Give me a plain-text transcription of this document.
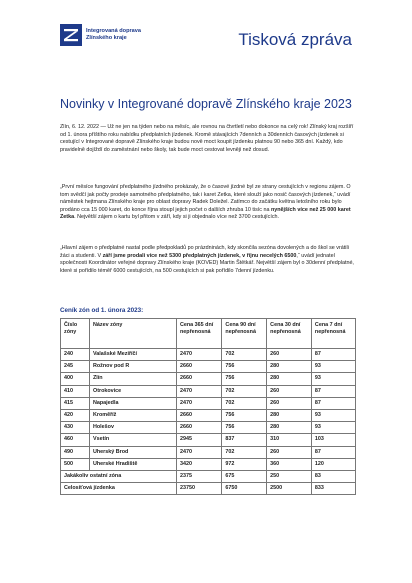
Integrovaná doprava
Zlínského kraje	Tisková zpráva
Novinky v Integrované dopravě Zlínského kraje 2023
Zlín, 6. 12. 2022 — Už ne jen na týden nebo na měsíc, ale rovnou na čtvrtletí nebo dokonce na celý rok! Zlínský kraj rozšíří od 1. února příštího roku nabídku předplatních jízdenek. Kromě stávajících 7denních a 30denních časových jízdenek si cestující v Integrované dopravě Zlínského kraje budou nově moct koupit jízdenku platnou 90 nebo 365 dní. Každý, kdo pravidelně dojíždí do zaměstnání nebo školy, tak bude moct cestovat levněji než dosud.
„První měsíce fungování předplatného jízdného prokázaly, že o časové jízdné byl ze strany cestujících v regionu zájem. O tom svědčí jak počty prodeje samotného předplatného, tak i karet Zetka, které slouží jako nosič časových jízdenek,“ uvádí náměstek hejtmana Zlínského kraje pro oblast dopravy Radek Doležel. Zatímco do začátku května letošního roku bylo prodáno cca 15 000 karet, do konce října stoupl jejich počet o dalších zhruba 10 tisíc na nynějších více než 25 000 karet Zetka. Největší zájem o kartu byl přitom v září, kdy si ji objednalo více než 3700 cestujících.
„Hlavní zájem o předplatné nastal podle předpokladů po prázdninách, kdy skončila sezóna dovolených a do škol se vrátili žáci a studenti. V září jsme prodali více než 5300 předplatných jízdenek, v říjnu necelých 6500,“ uvádí jednatel společnosti Koordinátor veřejné dopravy Zlínského kraje (KOVED) Martin Štětkář. Největší zájem byl o 30denní předplatné, které si pořídilo téměř 6000 cestujících, na 500 cestujících si pak pořídilo 7denní jízdenku.
Ceník zón od 1. února 2023:
Číslo zóny	Název zóny	Cena 365 dní nepřenosná	Cena 90 dní nepřenosná	Cena 30 dní nepřenosná	Cena 7 dní nepřenosná
240	Valašské Meziříčí	2470	702	260	87
245	Rožnov pod R	2660	756	280	93
400	Zlín	2660	756	280	93
410	Otrokovice	2470	702	260	87
415	Napajedla	2470	702	260	87
420	Kroměříž	2660	756	280	93
430	Holešov	2660	756	280	93
460	Vsetín	2945	837	310	103
490	Uherský Brod	2470	702	260	87
500	Uherské Hradiště	3420	972	360	120
Jakákoliv ostatní zóna		2375	675	250	83
Celosíťová jízdenka		23750	6750	2500	833
